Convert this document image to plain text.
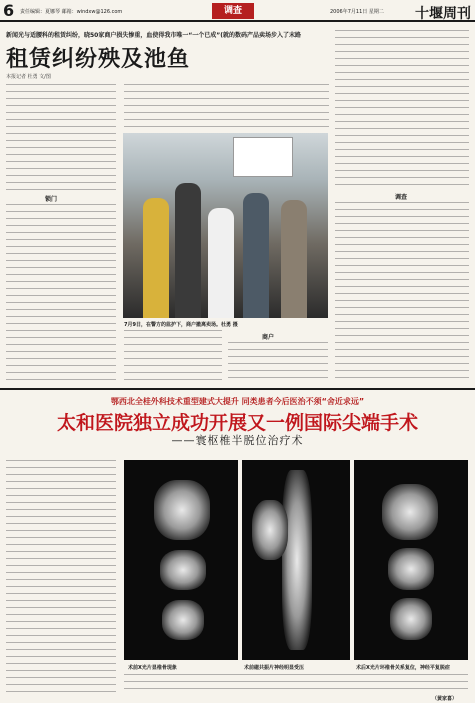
6 责任编辑：夏娜琴 邮箱：windxw@126.com	调查	2006年7月11日 星期二 十堰周刊
新闻光与适腰科的租赁纠纷，晓50家商户损失惨重，血使得我市唯一“一个已成”(就的数码产品卖场步入了末路
租赁纠纷殃及池鱼
本报记者 杜勇 文/图
锁门
7月9日，在警方的监护下，商户撤离卖场。杜勇 摄
商户
调查
鄂西北全桂外科技术重型建式大提升 同类患者今后医治不须“舍近求远”
太和医院独立成功开展又一例国际尖端手术
——寰枢椎半脱位治疗术
术前X光片显椎骨现象	术前磁共振片神经明显受压	术后X光片环椎骨关系复位，神经平复脱症
（黄家喜）
